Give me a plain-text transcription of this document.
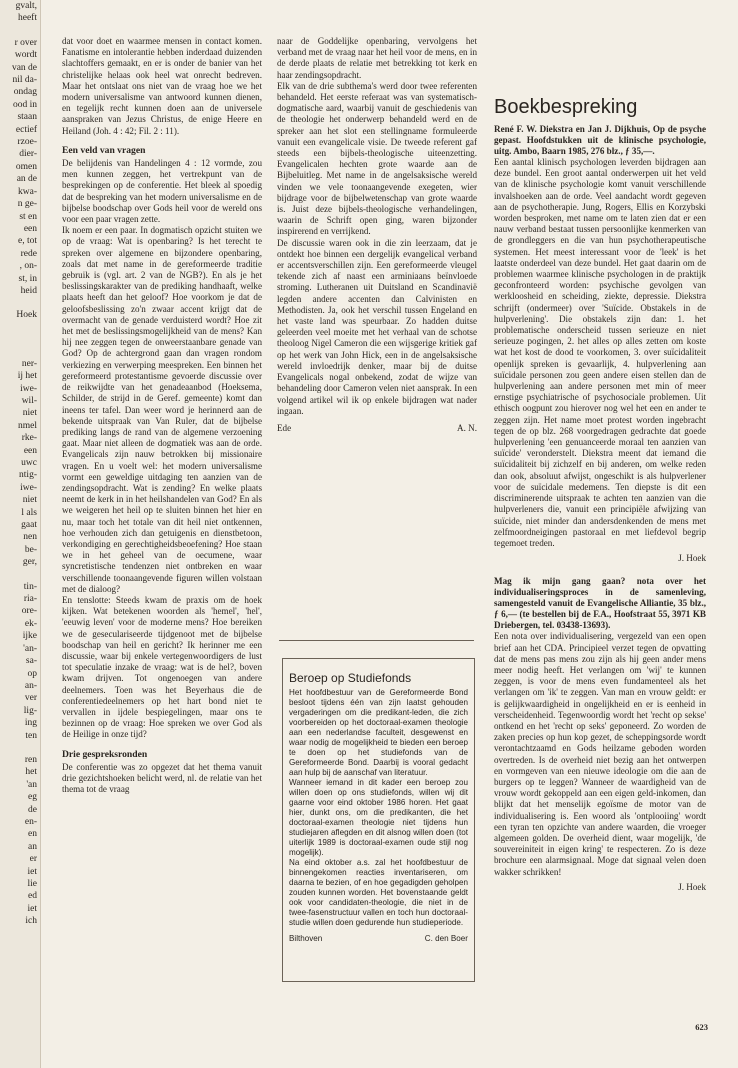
gvalt,
heeft
r over
wordt
van de
nil da-
ondag
ood in
staan
ectief
rzoe-
dier-
omen
an de
kwa-
n ge-
st en
een
e, tot
rede
, on-
st, in
heid
Hoek
ner-
ij het
iwe-
wil-
niet
nmel
rke-
een
uwc
ntig-
iwe-
niet
l als
gaat
nen
be-
ger,
tin-
ria-
ore-
ek-
ijke
'an-
sa-
op
an-
ver
lig-
ing
ten
ren
het
'an
eg
de
en-
en
an
er
iet
lie
ed
iet
ich

dat voor doet en waarmee mensen in contact komen. Fanatisme en intolerantie hebben inderdaad duizenden slachtoffers gemaakt, en er is onder de banier van het christelijke helaas ook heel wat onrecht bedreven. Maar het ontslaat ons niet van de vraag hoe we het modern universalisme van antwoord kunnen dienen, en tegelijk recht kunnen doen aan de universele aanspraken van Jezus Christus, de enige Heere en Heiland (Joh. 4 : 42; Fil. 2 : 11).

Een veld van vragen

De belijdenis van Handelingen 4 : 12 vormde, zou men kunnen zeggen, het vertrekpunt van de besprekingen op de conferentie. Het bleek al spoedig dat de bespreking van het modern universalisme en de bijbelse boodschap over Gods heil voor de wereld ons voor een paar vragen zette.

Ik noem er een paar. In dogmatisch opzicht stuiten we op de vraag: Wat is openbaring? Is het terecht te spreken over algemene en bijzondere openbaring, zoals dat met name in de gereformeerde traditie gebruik is (vgl. art. 2 van de NGB?). En als je het beslissingskarakter van de prediking handhaaft, welke plaats heeft dan het geloof? Hoe voorkom je dat de geloofsbeslissing zo'n zwaar accent krijgt dat de overmacht van de genade verduisterd wordt? Hoe zit het met de beslissingsmogelijkheid van de mens? Kan hij nee zeggen tegen de onweerstaanbare genade van God? Op de achtergrond gaan dan vragen rondom verkiezing en verwerping meespreken. Een binnen het gereformeerd protestantisme gevoerde discussie over de reikwijdte van het genadeaanbod (Hoeksema, Schilder, de strijd in de Geref. gemeente) komt dan ineens ter tafel. Dan weer word je herinnerd aan de bekende uitspraak van Van Ruler, dat de bijbelse prediking langs de rand van de algemene verzoening gaat. Maar niet alleen de dogmatiek was aan de orde. Evangelicals zijn nauw betrokken bij missionaire vragen. En u voelt wel: het modern universalisme vormt een geweldige uitdaging ten aanzien van de zendingsopdracht. Wat is zending? En welke plaats neemt de kerk in in het heilshandelen van God? En als we weigeren het heil op te sluiten binnen het hier en nu, maar toch het totale van dit heil niet ontkennen, hoe verhouden zich dan getuigenis en dienstbetoon, verkondiging en gerechtigheidsbeoefening? Hoe staan we in het geheel van de oecumene, waar syncretistische tendenzen niet ontbreken en waar verschillende toonaangevende figuren willen volstaan met de dialoog?

En tenslotte: Steeds kwam de praxis om de hoek kijken. Wat betekenen woorden als 'hemel', 'hel', 'eeuwig leven' voor de moderne mens? Hoe bereiken we de geseculariseerde tijdgenoot met de bijbelse boodschap van heil en gericht? Ik herinner me een discussie, waar bij enkele vertegenwoordigers de lust tot speculatie inzake de vraag: wat is de hel?, boven kwam drijven. Tot ongenoegen van andere deelnemers. Toen was het Beyerhaus die de conferentiedeelnemers op het hart bond niet te vervallen in ijdele bespiegelingen, maar ons te bezinnen op de vraag: Hoe spreken we over God als de Heilige in onze tijd?

Drie gespreksronden

De conferentie was zo opgezet dat het thema vanuit drie gezichtshoeken belicht werd, nl. de relatie van het thema tot de vraag

naar de Goddelijke openbaring, vervolgens het verband met de vraag naar het heil voor de mens, en in de derde plaats de relatie met betrekking tot kerk en haar zendingsopdracht.

Elk van de drie subthema's werd door twee referenten behandeld. Het eerste referaat was van systematisch-dogmatische aard, waarbij vanuit de geschiedenis van de theologie het onderwerp behandeld werd en de spreker aan het slot een stellingname formuleerde vanuit een evangelicale visie. De tweede referent gaf steeds een bijbels-theologische uiteenzetting. Evangelicalen hechten grote waarde aan de Bijbeluitleg. Met name in de angelsaksische wereld vinden we vele toonaangevende exegeten, wier bijdrage voor de bijbelwetenschap van grote waarde is. Juist deze bijbels-theologische verhandelingen, waarin de Schrift open ging, waren bijzonder inspirerend en verrijkend.

De discussie waren ook in die zin leerzaam, dat je ontdekt hoe binnen een dergelijk evangelical verband er accentsverschillen zijn. Een gereformeerde vleugel tekende zich af naast een arminiaans beïnvloede stroming. Lutheranen uit Duitsland en Scandinavië legden andere accenten dan Calvinisten en Methodisten. Ja, ook het verschil tussen Engeland en het vaste land was speurbaar. Zo hadden duitse geleerden veel moeite met het verhaal van de schotse theoloog Nigel Cameron die een wijsgerige kritiek gaf op het werk van John Hick, een in de angelsaksische wereld invloedrijk denker, maar bij de duitse Evangelicals nogal onbekend, zodat de wijze van behandeling door Cameron velen niet aansprak. In een volgend artikel wil ik op enkele bijdragen wat nader ingaan.

Ede	A. N.
Beroep op Studiefonds

Het hoofdbestuur van de Gereformeerde Bond besloot tijdens één van zijn laatst gehouden vergaderingen om die predikant-leden, die zich voorbereiden op het doctoraal-examen theologie aan een nederlandse faculteit, desgewenst en waar nodig de mogelijkheid te bieden een beroep te doen op het studiefonds van de Gereformeerde Bond. Daarbij is vooral gedacht aan hulp bij de aanschaf van literatuur.

Wanneer iemand in dit kader een beroep zou willen doen op ons studiefonds, willen wij dit gaarne voor eind oktober 1986 horen. Het gaat hier, dunkt ons, om die predikanten, die het doctoraal-examen theologie niet tijdens hun studiejaren aflegden en dit alsnog willen doen (tot uiterlijk 1989 is doctoraal-examen oude stijl nog mogelijk).

Na eind oktober a.s. zal het hoofdbestuur de binnengekomen reacties inventariseren, om daarna te bezien, of en hoe gegadigden geholpen zouden kunnen worden. Het bovenstaande geldt ook voor candidaten-theologie, die niet in de twee-fasenstructuur vallen en toch hun doctoraal-studie willen doen gedurende hun studieperiode.

Bilthoven	C. den Boer
Boekbespreking

René F. W. Diekstra en Jan J. Dijkhuis, Op de psyche gepast. Hoofdstukken uit de klinische psychologie, uitg. Ambo, Baarn 1985, 276 blz., ƒ 35,—.

Een aantal klinisch psychologen leverden bijdragen aan deze bundel. Een groot aantal onderwerpen uit het veld van de klinische psychologie komt vanuit verschillende invalshoeken aan de orde. Veel aandacht wordt gegeven aan de psychotherapie. Jung, Rogers, Ellis en Korzybski worden besproken, met name om te laten zien dat er een nauw verband bestaat tussen persoonlijke kenmerken van de grondleggers en die van hun psychotherapeutische systemen. Het meest interessant voor de 'leek' is het laatste onderdeel van deze bundel. Het gaat daarin om de problemen waarmee klinische psychologen in de praktijk geconfronteerd worden: psychische gevolgen van werkloosheid en scheiding, ziekte, depressie. Diekstra schrijft (ondermeer) over 'Suïcide. Obstakels in de hulpverlening'. Die obstakels zijn dan: 1. het problematische onderscheid tussen serieuze en niet serieuze pogingen, 2. het alles op alles zetten om koste wat het kost de dood te voorkomen, 3. over suïcidaliteit openlijk spreken is gevaarlijk, 4. hulpverlening aan suïcidale personen zou geen andere eisen stellen dan de hulpverlening aan andere personen met min of meer ernstige psychiatrische of psychosociale problemen. Uit ethisch oogpunt zou hierover nog wel het een en ander te zeggen zijn. Het name moet protest worden ingebracht tegen de op blz. 268 voorgedragen gedrachte dat goede hulpverlening 'een genuanceerde moraal ten aanzien van suïcide' veronderstelt. Diekstra meent dat iemand die suïcidaliteit bij zichzelf en bij anderen, om welke reden dan ook, absoluut afwijst, ongeschikt is als hulpverlener voor de suïcidale medemens. Ten diepste is dit een discriminerende uitspraak te achten ten aanzien van die hulpverleners die, vanuit een principiële afwijzing van suïcide, niet minder dan andersdenkenden de mens met zelfmoordneigingen pastoraal en met liefdevol begrip tegemoet treden.

J. Hoek

Mag ik mijn gang gaan? nota over het individualiseringsproces in de samenleving, samengesteld vanuit de Evangelische Alliantie, 35 blz., ƒ 6,— (te bestellen bij de F.A., Hoofstraat 55, 3971 KB Driebergen, tel. 03438-13693).

Een nota over individualisering, vergezeld van een open brief aan het CDA. Principieel verzet tegen de opvatting dat de mens pas mens zou zijn als hij geen ander mens meer nodig heeft. Het verlangen om 'wij' te kunnen zeggen, is voor de mens even fundamenteel als het verlangen om 'ik' te zeggen. Van man en vrouw geldt: er is gelijkwaardigheid in ongelijkheid en er is eenheid in verscheidenheid. Tegenwoordig wordt het 'recht op sekse' ontkend en het 'recht op seks' geponeerd. Zo worden de zaken precies op hun kop gezet, de scheppingsorde wordt verontachtzaamd en Gods heilzame geboden worden overtreden. Is de overheid niet bezig aan het ontwerpen en vormgeven van een nieuwe ideologie om die aan de burgers op te leggen? Wanneer de waardigheid van de vrouw wordt gekoppeld aan een eigen geld-inkomen, dan blijkt dat het menselijk egoïsme de motor van de individualisering is. Een woord als 'ontplooiing' wordt een tyran ten opzichte van andere waarden, die vroeger algemeen golden. De overheid dient, waar mogelijk, 'de souvereiniteit in eigen kring' te respecteren. Zo is deze brochure een alarmsignaal. Moge dat signaal velen doen wakker schrikken!

J. Hoek
623
